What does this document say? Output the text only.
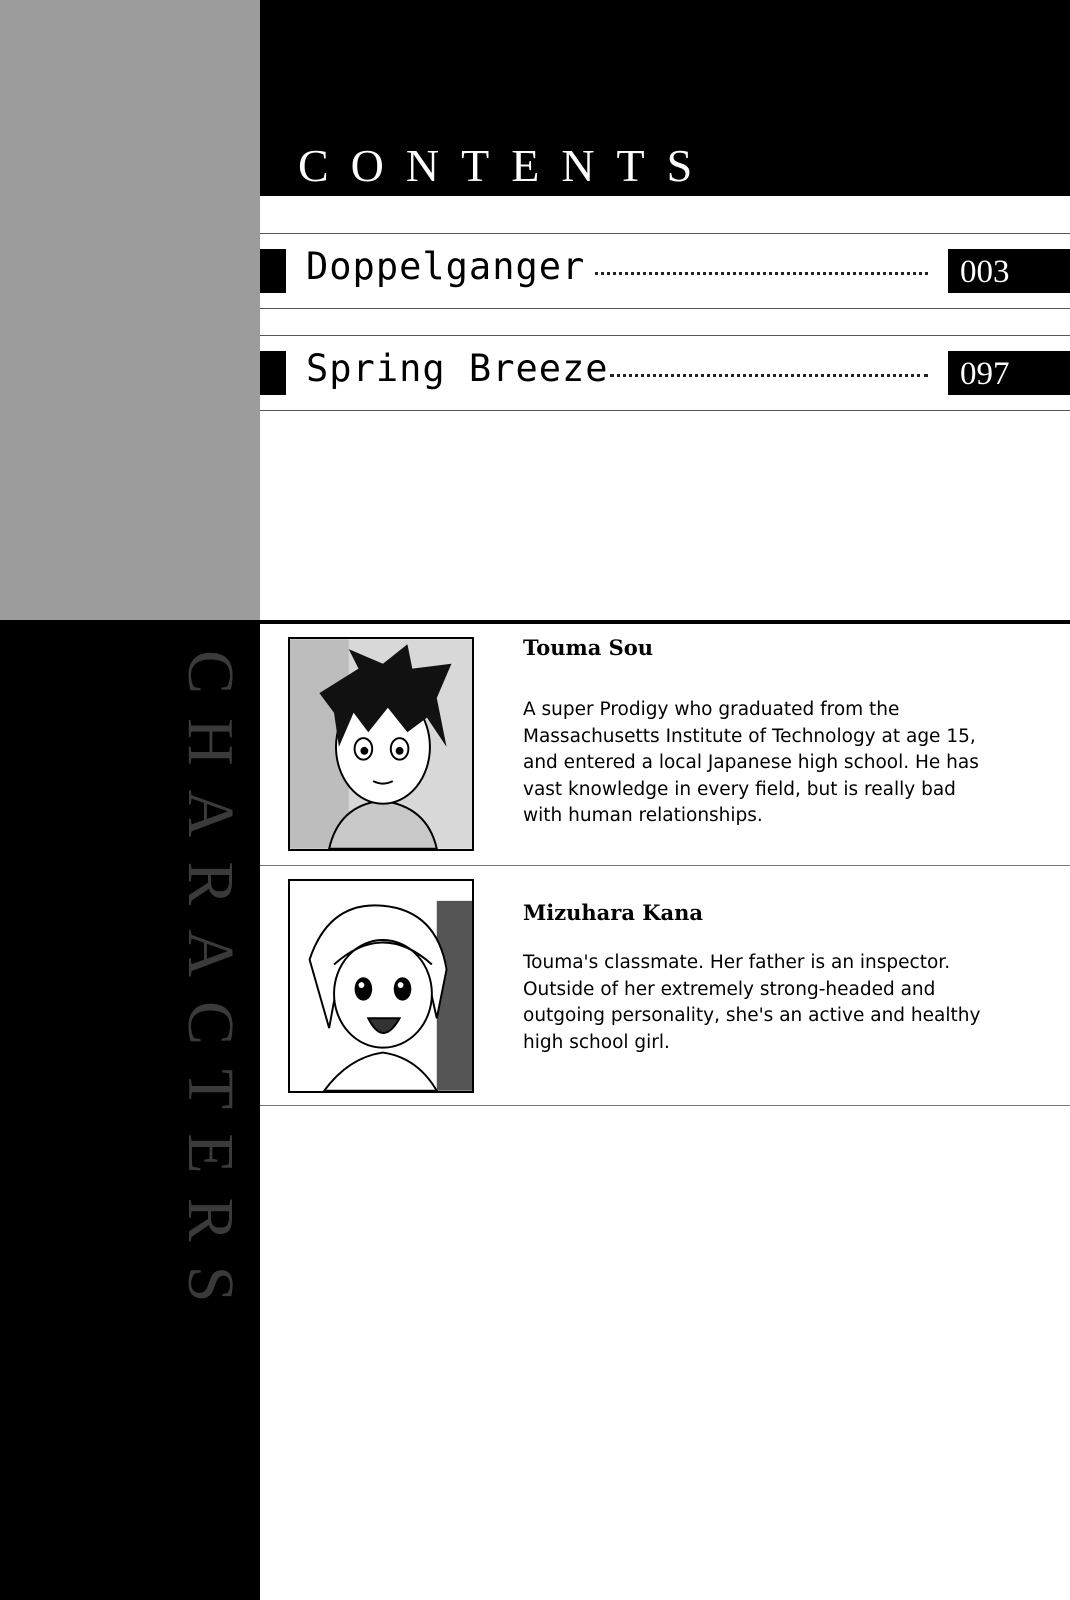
CHARACTERS
CONTENTS
Doppelganger	003
Spring Breeze	097
Touma Sou
A super Prodigy who graduated from the Massachusetts Institute of Technology at age 15, and entered a local Japanese high school. He has vast knowledge in every field, but is really bad with human relationships.
Mizuhara Kana
Touma's classmate. Her father is an inspector. Outside of her extremely strong-headed and outgoing personality, she's an active and healthy high school girl.
